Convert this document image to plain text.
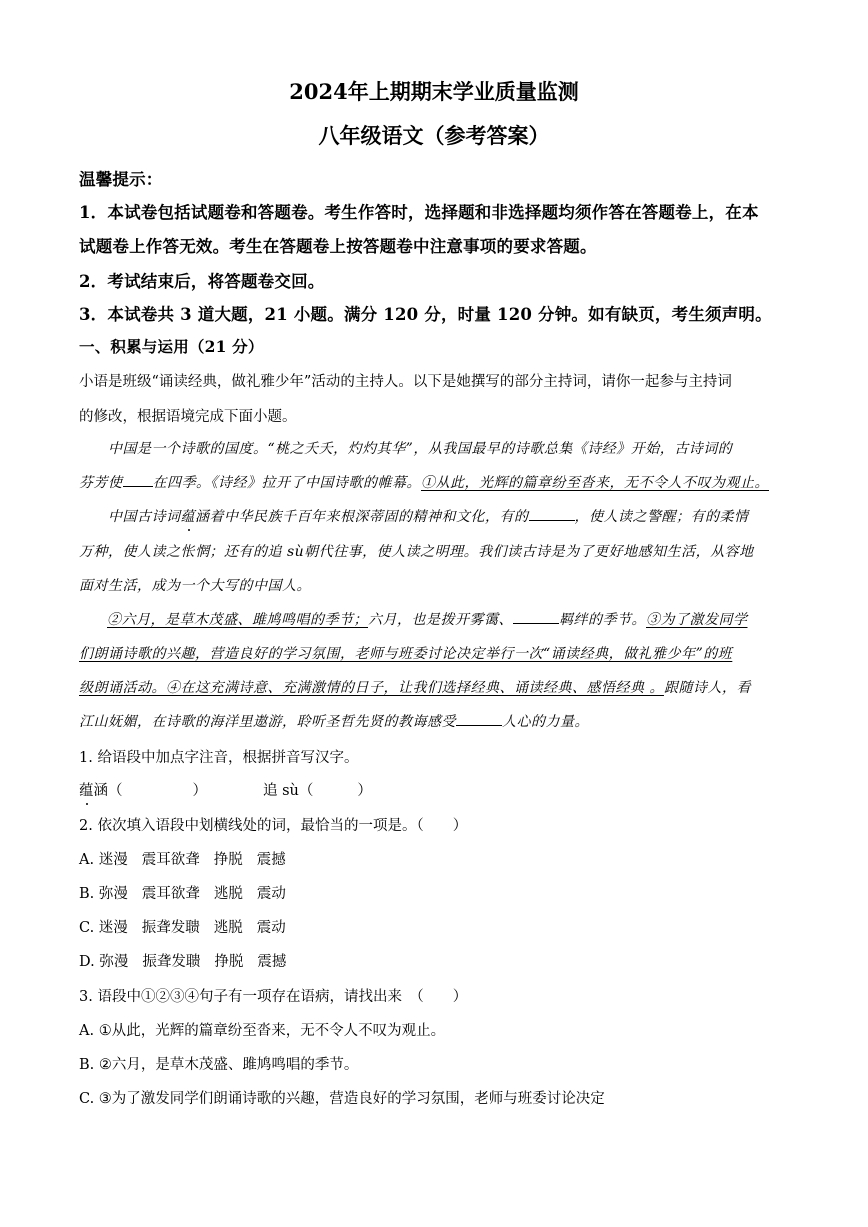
2024年上期期末学业质量监测
八年级语文（参考答案）
温馨提示：
1．本试卷包括试题卷和答题卷。考生作答时，选择题和非选择题均须作答在答题卷上，在本
试题卷上作答无效。考生在答题卷上按答题卷中注意事项的要求答题。
2．考试结束后，将答题卷交回。
3．本试卷共 3 道大题，21 小题。满分 120 分，时量 120 分钟。如有缺页，考生须声明。
一、积累与运用（21 分）
小语是班级“诵读经典，做礼雅少年”活动的主持人。以下是她撰写的部分主持词，请你一起参与主持词
的修改，根据语境完成下面小题。
中国是一个诗歌的国度。“桃之夭夭，灼灼其华”，从我国最早的诗歌总集《诗经》开始，古诗词的
芬芳使 在四季。《诗经》拉开了中国诗歌的帷幕。①从此，光辉的篇章纷至沓来，无不令人不叹为观止。
中国古诗词蕴涵着中华民族千百年来根深蒂固的精神和文化，有的	，使人读之警醒；有的柔情
万种，使人读之怅惘；还有的追 sù朝代往事，使人读之明理。我们读古诗是为了更好地感知生活，从容地
面对生活，成为一个大写的中国人。
②六月，是草木茂盛、雎鸠鸣唱的季节；六月，也是拨开雾霭、	羁绊的季节。③为了激发同学
们朗诵诗歌的兴趣，营造良好的学习氛围，老师与班委讨论决定举行一次“诵读经典，做礼雅少年”的班
级朗诵活动。④在这充满诗意、充满激情的日子，让我们选择经典、诵读经典、感悟经典 。跟随诗人，看
江山妩媚，在诗歌的海洋里遨游，聆听圣哲先贤的教诲感受	人心的力量。
1. 给语段中加点字注音，根据拼音写汉字。
蕴涵（	）	追 sù（	）
2. 依次填入语段中划横线处的词，最恰当的一项是。（　　）
A. 迷漫 震耳欲聋 挣脱 震撼
B. 弥漫 震耳欲聋 逃脱 震动
C. 迷漫 振聋发聩 逃脱 震动
D. 弥漫 振聋发聩 挣脱 震撼
3. 语段中①②③④句子有一项存在语病，请找出来　（　　）
A. ①从此，光辉的篇章纷至沓来，无不令人不叹为观止。
B. ②六月，是草木茂盛、雎鸠鸣唱的季节。
C. ③为了激发同学们朗诵诗歌的兴趣，营造良好的学习氛围，老师与班委讨论决定
